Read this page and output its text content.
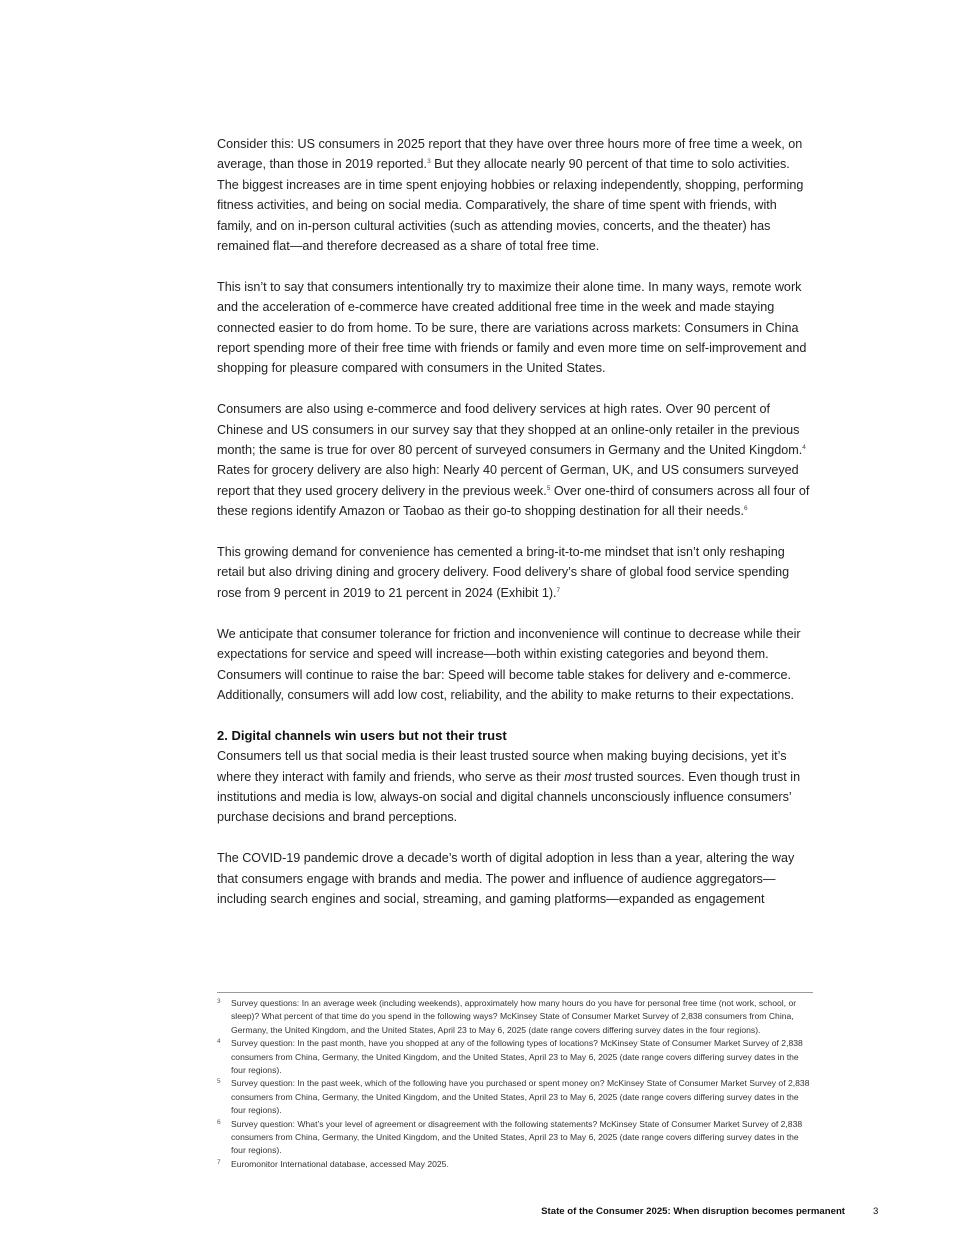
Consider this: US consumers in 2025 report that they have over three hours more of free time a week, on average, than those in 2019 reported.$^3$ But they allocate nearly 90 percent of that time to solo activities. The biggest increases are in time spent enjoying hobbies or relaxing independently, shopping, performing fitness activities, and being on social media. Comparatively, the share of time spent with friends, with family, and on in-person cultural activities (such as attending movies, concerts, and the theater) has remained flat—and therefore decreased as a share of total free time.

This isn’t to say that consumers intentionally try to maximize their alone time. In many ways, remote work and the acceleration of e-commerce have created additional free time in the week and made staying connected easier to do from home. To be sure, there are variations across markets: Consumers in China report spending more of their free time with friends or family and even more time on self-improvement and shopping for pleasure compared with consumers in the United States.

Consumers are also using e-commerce and food delivery services at high rates. Over 90 percent of Chinese and US consumers in our survey say that they shopped at an online-only retailer in the previous month; the same is true for over 80 percent of surveyed consumers in Germany and the United Kingdom.$^4$ Rates for grocery delivery are also high: Nearly 40 percent of German, UK, and US consumers surveyed report that they used grocery delivery in the previous week.$^5$ Over one-third of consumers across all four of these regions identify Amazon or Taobao as their go-to shopping destination for all their needs.$^6$

This growing demand for convenience has cemented a bring-it-to-me mindset that isn’t only reshaping retail but also driving dining and grocery delivery. Food delivery’s share of global food service spending rose from 9 percent in 2019 to 21 percent in 2024 (Exhibit 1).$^7$

We anticipate that consumer tolerance for friction and inconvenience will continue to decrease while their expectations for service and speed will increase—both within existing categories and beyond them. Consumers will continue to raise the bar: Speed will become table stakes for delivery and e-commerce. Additionally, consumers will add low cost, reliability, and the ability to make returns to their expectations.

2. Digital channels win users but not their trust

Consumers tell us that social media is their least trusted source when making buying decisions, yet it’s where they interact with family and friends, who serve as their most trusted sources. Even though trust in institutions and media is low, always-on social and digital channels unconsciously influence consumers’ purchase decisions and brand perceptions.

The COVID-19 pandemic drove a decade’s worth of digital adoption in less than a year, altering the way that consumers engage with brands and media. The power and influence of audience aggregators— including search engines and social, streaming, and gaming platforms—expanded as engagement

3	Survey questions: In an average week (including weekends), approximately how many hours do you have for personal free time (not work, school, or sleep)? What percent of that time do you spend in the following ways? McKinsey State of Consumer Market Survey of 2,838 consumers from China, Germany, the United Kingdom, and the United States, April 23 to May 6, 2025 (date range covers differing survey dates in the four regions).
4	Survey question: In the past month, have you shopped at any of the following types of locations? McKinsey State of Consumer Market Survey of 2,838 consumers from China, Germany, the United Kingdom, and the United States, April 23 to May 6, 2025 (date range covers differing survey dates in the four regions).
5	Survey question: In the past week, which of the following have you purchased or spent money on? McKinsey State of Consumer Market Survey of 2,838 consumers from China, Germany, the United Kingdom, and the United States, April 23 to May 6, 2025 (date range covers differing survey dates in the four regions).
6	Survey question: What’s your level of agreement or disagreement with the following statements? McKinsey State of Consumer Market Survey of 2,838 consumers from China, Germany, the United Kingdom, and the United States, April 23 to May 6, 2025 (date range covers differing survey dates in the four regions).
7	Euromonitor International database, accessed May 2025.
State of the Consumer 2025: When disruption becomes permanent	3
